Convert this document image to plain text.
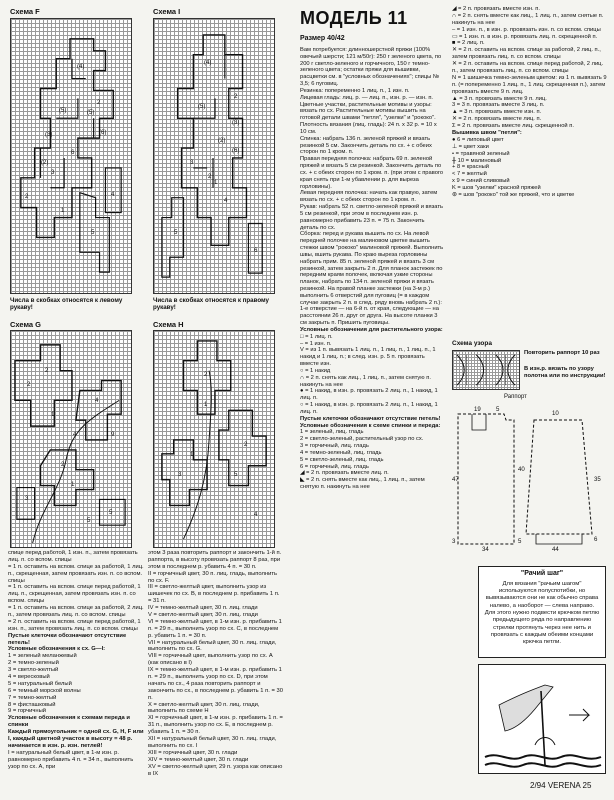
Схема F
(4)
(5)	(5)
(3)
(2)
(6)
2
2
1
3
4
5
6
Числа в скобках относятся к левому рукаву!
Схема I
(4)
(5)
(3)
(2)
(6)
2
1
3
4
5
6
2
Числа в скобках относятся к правому рукаву!
Схема G
2
2
1
4
4
2
1
3
5
9
5
Схема H
2
1
2
5
3
1
4

спице перед работой, 1 изн. п., затем провязать лиц. п. со вспом. спицы

= 1 п. оставить на вспом. спице за работой, 1 лиц. п., скрещенная, затем провязать изн. п. со вспом. спицы

= 1 п. оставить на вспом. спице перед работой, 1 лиц. п., скрещенная, затем провязать изн. п. со вспом. спицы

= 1 п. оставить на вспом. спице за работой, 2 лиц. п., затем провязать лиц. п. со вспом. спицы

= 2 п. оставить на вспом. спице перед работой, 1 изн. п., затем провязать лиц. п. со вспом. спицы

Пустые клеточки обозначают отсутствие петель!

Условные обозначения к сх. G—I:

1 = зеленый меланжевый

2 = темно-зеленый

3 = светло-желтый

4 = вересковый

5 = натуральный белый

6 = темный морской волны

7 = темно-желтый

8 = фисташковый

9 = горчичный

Условные обозначения к схемам переда и спинки

Каждый прямоугольник = одной сх. G, H, F или I, каждый цветной участок в высоту = 48 р. начинается в изн. р. изн. петлей!

I = натуральный белый цвет, в 1-м изн. р. равномерно прибавить 4 п. = 34 п., выполнить узор по сх. A, при

этом 3 раза повторить раппорт и закончить 1-й п. раппорта, в высоту провязать раппорт 8 раз, при этом в последнем р. убавить 4 п. = 30 п.

II = горчичный цвет, 30 п. лиц. гладь, выполнить по сх. F.

III = светло-желтый цвет, выполнить узор из шишечек по сх. B, в последнем р. прибавить 1 п. = 31 п.

IV = темно-желтый цвет, 30 п. лиц. глади

V = светло-желтый цвет, 30 п. лиц. глади

VI = темно-желтый цвет, в 1-м изн. р. прибавить 1 п. = 29 п., выполнить узор по сх. C, в последнем р. убавить 1 п. = 30 п.

VII = натуральный белый цвет, 30 п. лиц. глади, выполнить по сх. G.

VIII = горчичный цвет, выполнить узор по сх. A (как описано в I)

IX = темно-желтый цвет, в 1-м изн. р. прибавить 1 п. = 29 п., выполнить узор по сх. D, при этом начать по сх., 4 раза повторить раппорт и закончить по сх., в последнем р. убавить 1 п. = 30 п.

X = светло-желтый цвет, 30 п. лиц. глади, выполнить по схеме H

XI = горчичный цвет, в 1-м изн. р. прибавить 1 п. = 31 п., выполнить узор по сх. E, в последнем р. убавить 1 п. = 30 п.

XII = натуральный белый цвет, 30 п. лиц. глади, выполнить по сх. I

XIII = горчичный цвет, 30 п. глади

XIV = темно-желтый цвет, 30 п. глади

XV = светло-желтый цвет, 29 п. узора как описано в IX

МОДЕЛЬ 11
Размер 40/42

Вам потребуется: длинношерстной пряжи (100% овечьей шерсти; 121 м/50г): 250 г зеленого цвета, по 200 г светло-зеленого и горчичного, 150 г темно-зеленого цвета; остатки пряжи для вышивки, расцветки см. в "условных обозначениях"; спицы № 3,5; 6 пуговиц.

Резинка: попеременно 1 лиц. п., 1 изн. п.

Лицевая гладь: лиц. р. — лиц. п., изн. р. — изн. п.

Цветные участки, растительные мотивы и узоры: вязать по сх. Растительные мотивы вышить на готовой детали швами "петля", "узелки" и "рококо".

Плотность вязания (лиц. гладь): 24 п. x 32 р. = 10 x 10 см.

Спинка: набрать 136 п. зеленой пряжей и вязать резинкой 5 см. Закончить деталь по сх. + с обеих сторон по 1 кром. п.

Правая передняя полочка: набрать 69 п. зеленой пряжей и вязать 5 см резинкой. Закончить деталь по сх. + с обеих сторон по 1 кром. п. (при этом с правого края снять при 1-м убавлении р. для выреза горловины).

Левая передняя полочка: начать как правую, затем вязать по сх. + с обеих сторон по 1 кром. п.

Рукав: набрать 52 п. светло-зеленой пряжей и вязать 5 см резинкой, при этом в последнем изн. р. равномерно прибавить 23 п. = 75 п. Закончить деталь по сх.

Сборка: перед и рукава вышить по сх. На левой передней полочке на малиновом цветке вышить стежки швом "рококо" малиновой пряжей. Выполнить швы, вшить рукава. По краю выреза горловины набрать прим. 85 п. зеленой пряжей и вязать 3 см резинкой, затем закрыть 2 п. Для планок застежек по передним краям полочек, включая узкие стороны планок, набрать по 134 п. зеленой пряжи и вязать резинкой. На правой планке застежки (на 3-м р.) выполнить 6 отверстий для пуговиц (= в каждом случае закрыть 2 п. в след. ряду вновь набрать 2 п.): 1-е отверстие — на 6-й п. от края, следующие — на расстоянии 26 п. друг от друга. На высоте планки 3 см закрыть п. Пришить пуговицы.

Условные обозначения для растительного узора:

□ = 1 лиц. п.

– = 1 изн. п.

V = из 1 п. вывязать 1 лиц. п., 1 лиц. п., 1 лиц. п., 1 накид и 1 лиц. п.; в след. изн. р. 5 п. провязать вместе изн.

○ = 1 накид

∩ = 2 п. снять как лиц., 1 лиц. п., затем снятую п. накинуть на нее

● = 1 накид, в изн. р. провязать 2 лиц. п., 1 накид, 1 лиц. п.

○ = 1 накид, в изн. р. провязать 2 лиц. п., 1 накид, 1 лиц. п.

Пустые клеточки обозначают отсутствие петель!

Условные обозначения к схеме спинки и переда:

1 = зеленый, лиц. гладь

2 = светло-зеленый, растительный узор по сх.

3 = горчичный, лиц. гладь

4 = темно-зеленый, лиц. гладь

5 = светло-зеленый, лиц. гладь

6 = горчичный, лиц. гладь

◢ = 2 п. провязать вместе лиц. п.

◣ = 2 п. снять вместе как лиц., 1 лиц. п., затем снятую п. накинуть на нее

◢ = 2 п. провязать вместе изн. п.

∩ = 2 п. снять вместе как лиц., 1 лиц. п., затем снятые п. накинуть на нее

– = 1 изн. п., в изн. р. провязать изн. п. со вспом. спицы

▭ = 1 изн. п. в изн. р. провязать лиц. п. скрещенной п.

■ = 2 лиц. п.

✕ = 2 п. оставить на вспом. спице за работой, 2 лиц. п., затем провязать лиц. п. со вспом. спицы

✕ = 2 п. оставить на вспом. спице перед работой, 2 лиц. п., затем провязать лиц. п. со вспом. спицы

N = 1 шишечка темно-зеленым цветом: из 1 п. вывязать 9 п. (= попеременно 1 лиц. п., 1 лиц. скрещенная п.), затем провязать вместе 9 п. лиц.

▲ = 3 п. провязать вместе 9 п. лиц.

3 = 3 п. провязать вместе 3 лиц. п.

▲ = 3 п. провязать вместе изн. п.

✕ = 2 п. провязать вместе лиц. п.

Σ = 2 п. провязать вместе лиц. скрещенной п.

Вышивка швом "петля":

● 6 = липовый цвет

⊥ = цвет хаки

• = травяной зеленый

╫ 10 = малиновый

+ 8 = красный

< 7 = желтый

x 9 = синий сливовый

K = шов "узелки" красной пряжей

⊛ = шов "рококо" той же пряжей, что и цветке

Схема узора
Повторить раппорт 10 раз
В изн.р. вязать по узору полотна или по инструкции!
Раппорт
19 5
40
47
3	5
34
10
35
6
44
"Рачий шаг"
Для вязания "рачьим шагом" используются полуспотибки, но вывязываются они не как обычно справа налево, а наоборот — слева направо. Для этого нужно подвести крючком петлю предыдущего ряда по направлению стрелки протянуть через нее нить и провязать с каждым обеими концами крючка петли.
2/94 VERENA 25
